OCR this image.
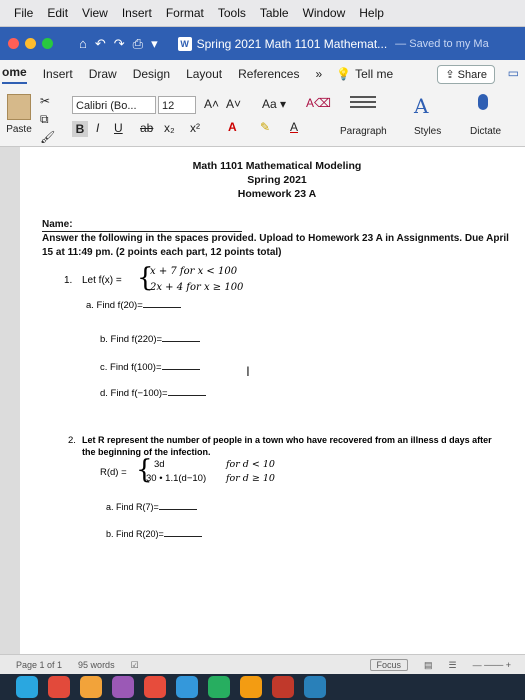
File Edit View Insert Format Tools Table Window Help
⌂ ↶ ↷ ⎙ ▾	W Spring 2021 Math 1101 Mathemat... — Saved to my Ma
ome Insert Draw Design Layout References » 💡 Tell me	⇪ Share	▭
Paste
✂
⧉
🖌
Calibri (Bo...	12	A˄ A˅ Aa ▾ A⌫
B I U ab x₂ x² A ✎ A	Paragraph
A
Styles	Dictate
Math 1101 Mathematical Modeling
Spring 2021
Homework 23 A
Name:
Answer the following in the spaces provided. Upload to Homework 23 A in Assignments. Due April 15 at 11:49 pm. (2 points each part, 12 points total)
1. Let f(x) = {
x + 7 for x < 100
2x + 4 for x ≥ 100
a. Find f(20)=
b. Find f(220)=
c. Find f(100)=
d. Find f(−100)=
I
2. Let R represent the number of people in a town who have recovered from an illness d days after
the beginning of the infection.
R(d) = { 3d	for d < 10
30 • 1.1(d−10) for d ≥ 10
a. Find R(7)=
b. Find R(20)=
Page 1 of 1 95 words ☑	Focus	▤ ☰ — ─── +
